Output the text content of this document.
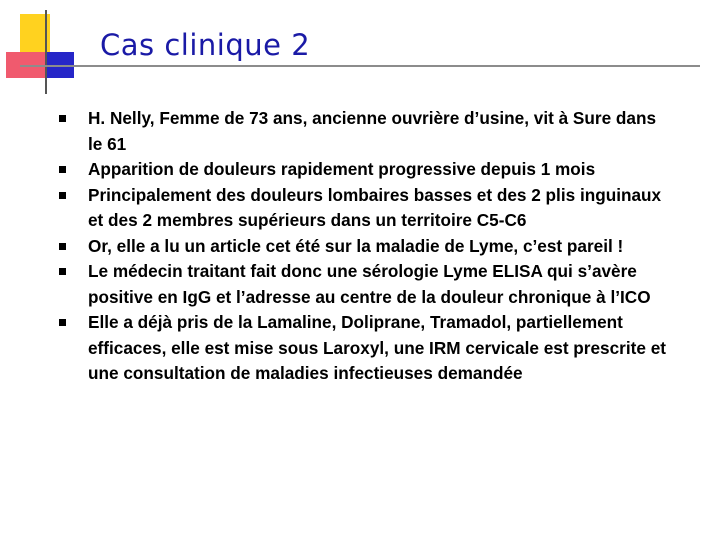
Cas clinique 2
H. Nelly, Femme de 73 ans, ancienne ouvrière d’usine, vit à Sure dans le 61
Apparition de douleurs rapidement progressive depuis 1 mois
Principalement des douleurs lombaires basses et des 2 plis inguinaux et des 2 membres supérieurs dans un territoire C5-C6
Or, elle a lu un article cet été sur la maladie de Lyme, c’est pareil !
Le médecin traitant fait donc une sérologie Lyme ELISA qui s’avère positive en IgG et l’adresse au centre de la douleur chronique à l’ICO
Elle a déjà pris de la Lamaline, Doliprane, Tramadol, partiellement efficaces, elle est mise sous Laroxyl, une IRM cervicale est prescrite et une consultation de maladies infectieuses demandée
